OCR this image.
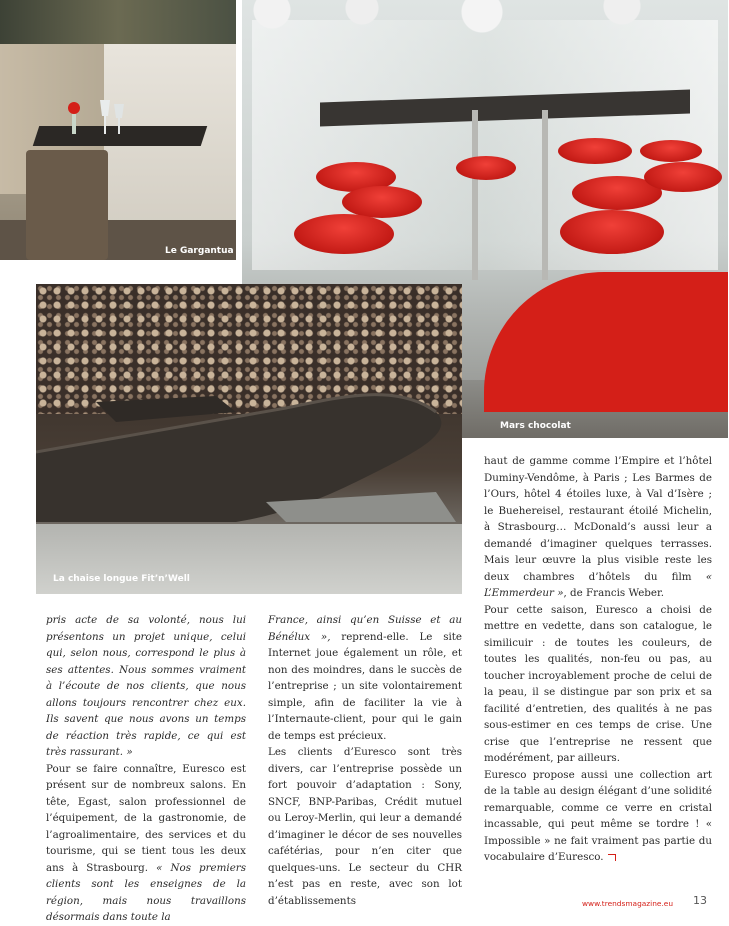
Le Gargantua
Mars chocolat
La chaise longue Fit’n’Well

pris acte de sa volonté, nous lui présentons un projet unique, celui qui, selon nous, correspond le plus à ses attentes. Nous sommes vraiment à l’écoute de nos clients, que nous allons toujours rencontrer chez eux. Ils savent que nous avons un temps de réaction très rapide, ce qui est très rassurant. »

Pour se faire connaître, Euresco est présent sur de nombreux salons. En tête, Egast, salon professionnel de l’équipement, de la gastronomie, de l’agroalimentaire, des services et du tourisme, qui se tient tous les deux ans à Strasbourg. « Nos premiers clients sont les enseignes de la région, mais nous travaillons désormais dans toute la

France, ainsi qu’en Suisse et au Bénélux », reprend-elle. Le site Internet joue également un rôle, et non des moindres, dans le succès de l’entreprise ; un site volontairement simple, afin de faciliter la vie à l’Internaute-client, pour qui le gain de temps est précieux.

Les clients d’Euresco sont très divers, car l’entreprise possède un fort pouvoir d’adaptation : Sony, SNCF, BNP-Paribas, Crédit mutuel ou Leroy-Merlin, qui leur a demandé d’imaginer le décor de ses nouvelles cafétérias, pour n’en citer que quelques-uns. Le secteur du CHR n’est pas en reste, avec son lot d’établissements

haut de gamme comme l’Empire et l’hôtel Duminy-Vendôme, à Paris ; Les Barmes de l’Ours, hôtel 4 étoiles luxe, à Val d’Isère ; le Buehereisel, restaurant étoilé Michelin, à Strasbourg… McDonald’s aussi leur a demandé d’imaginer quelques terrasses. Mais leur œuvre la plus visible reste les deux chambres d’hôtels du film « L’Emmerdeur », de Francis Weber.

Pour cette saison, Euresco a choisi de mettre en vedette, dans son catalogue, le similicuir : de toutes les couleurs, de toutes les qualités, non-feu ou pas, au toucher incroyablement proche de celui de la peau, il se distingue par son prix et sa facilité d’entretien, des qualités à ne pas sous-estimer en ces temps de crise. Une crise que l’entreprise ne ressent que modérément, par ailleurs.

Euresco propose aussi une collection art de la table au design élégant d’une solidité remarquable, comme ce verre en cristal incassable, qui peut même se tordre ! « Impossible » ne fait vraiment pas partie du vocabulaire d’Euresco.

www.trendsmagazine.eu 13
